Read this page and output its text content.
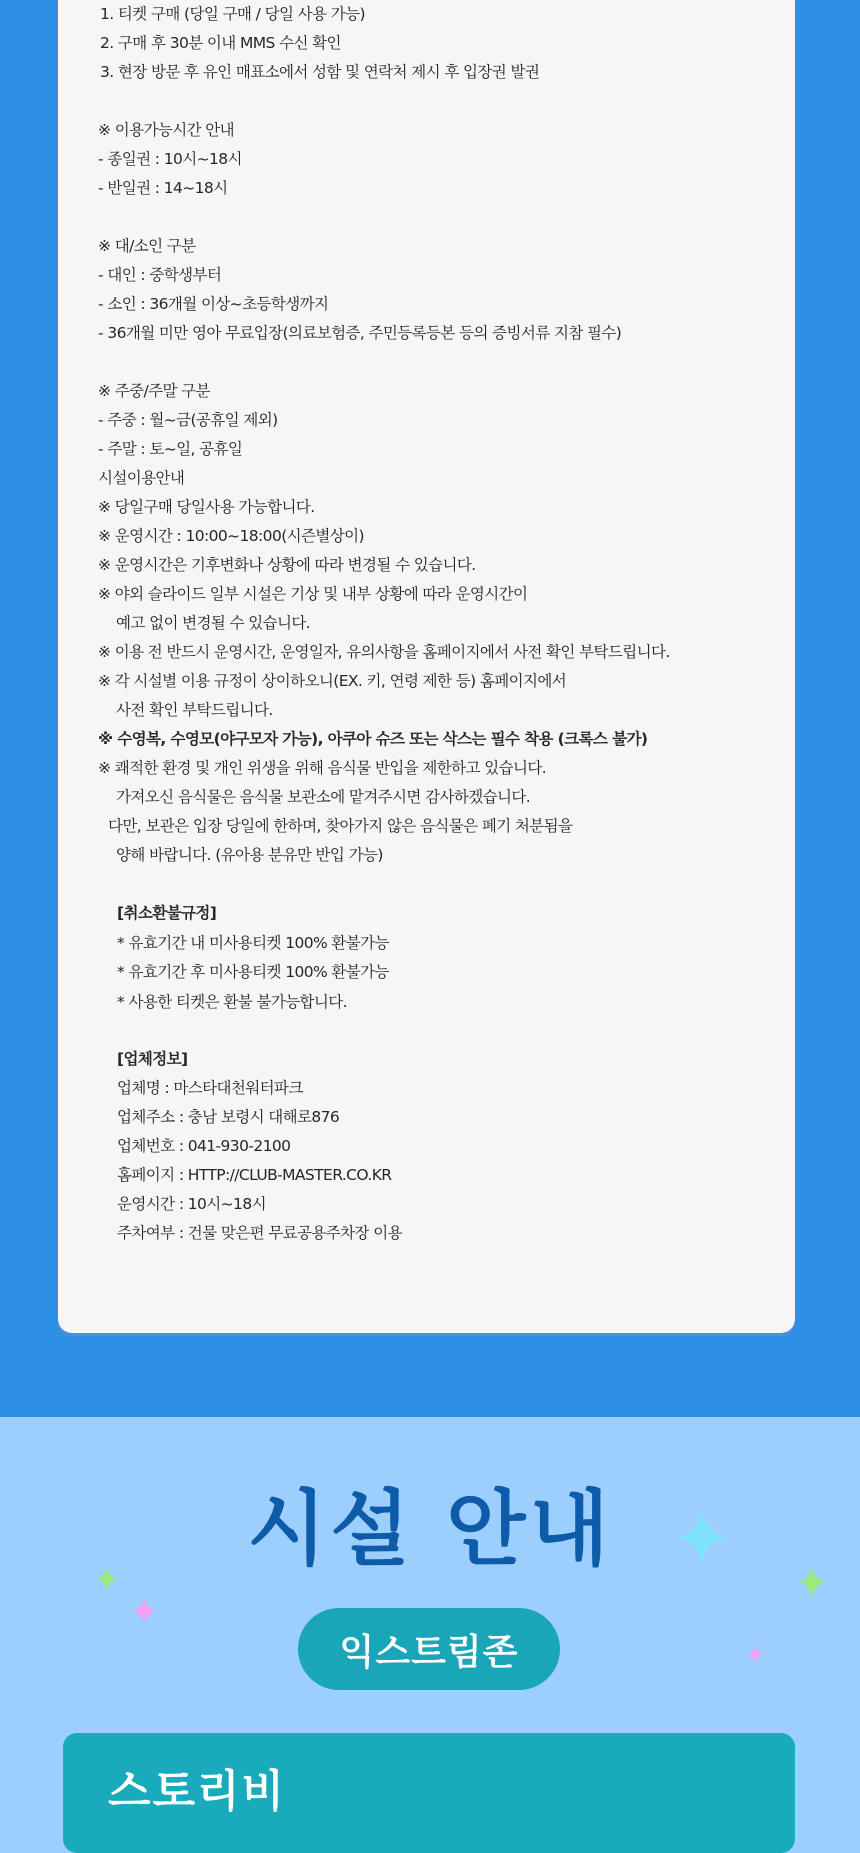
1. 티켓 구매 (당일 구매 / 당일 사용 가능)
2. 구매 후 30분 이내 MMS 수신 확인
3. 현장 방문 후 유인 매표소에서 성함 및 연락처 제시 후 입장권 발권
※ 이용가능시간 안내
- 종일권 : 10시~18시
- 반일권 : 14~18시
※ 대/소인 구분
- 대인 : 중학생부터
- 소인 : 36개월 이상~초등학생까지
- 36개월 미만 영아 무료입장(의료보험증, 주민등록등본 등의 증빙서류 지참 필수)
※ 주중/주말 구분
- 주중 : 월~금(공휴일 제외)
- 주말 : 토~일, 공휴일
시설이용안내
※ 당일구매 당일사용 가능합니다.
※ 운영시간 : 10:00~18:00(시즌별상이)
※ 운영시간은 기후변화나 상황에 따라 변경될 수 있습니다.
※ 야외 슬라이드 일부 시설은 기상 및 내부 상황에 따라 운영시간이
예고 없이 변경될 수 있습니다.
※ 이용 전 반드시 운영시간, 운영일자, 유의사항을 홈페이지에서 사전 확인 부탁드립니다.
※ 각 시설별 이용 규정이 상이하오니(EX. 키, 연령 제한 등) 홈페이지에서
사전 확인 부탁드립니다.
※ 수영복, 수영모(야구모자 가능), 아쿠아 슈즈 또는 삭스는 필수 착용 (크록스 불가)
※ 쾌적한 환경 및 개인 위생을 위해 음식물 반입을 제한하고 있습니다.
가져오신 음식물은 음식물 보관소에 맡겨주시면 감사하겠습니다.
다만, 보관은 입장 당일에 한하며, 찾아가지 않은 음식물은 폐기 처분됨을
양해 바랍니다. (유아용 분유만 반입 가능)
[취소환불규정]
* 유효기간 내 미사용티켓 100% 환불가능
* 유효기간 후 미사용티켓 100% 환불가능
* 사용한 티켓은 환불 불가능합니다.
[업체정보]
업체명 : 마스타대천워터파크
업체주소 : 충남 보령시 대해로876
업체번호 : 041-930-2100
홈페이지 : HTTP://CLUB-MASTER.CO.KR
운영시간 : 10시~18시
주차여부 : 건물 맞은편 무료공용주차장 이용
시설 안내
익스트림존
스토리비
